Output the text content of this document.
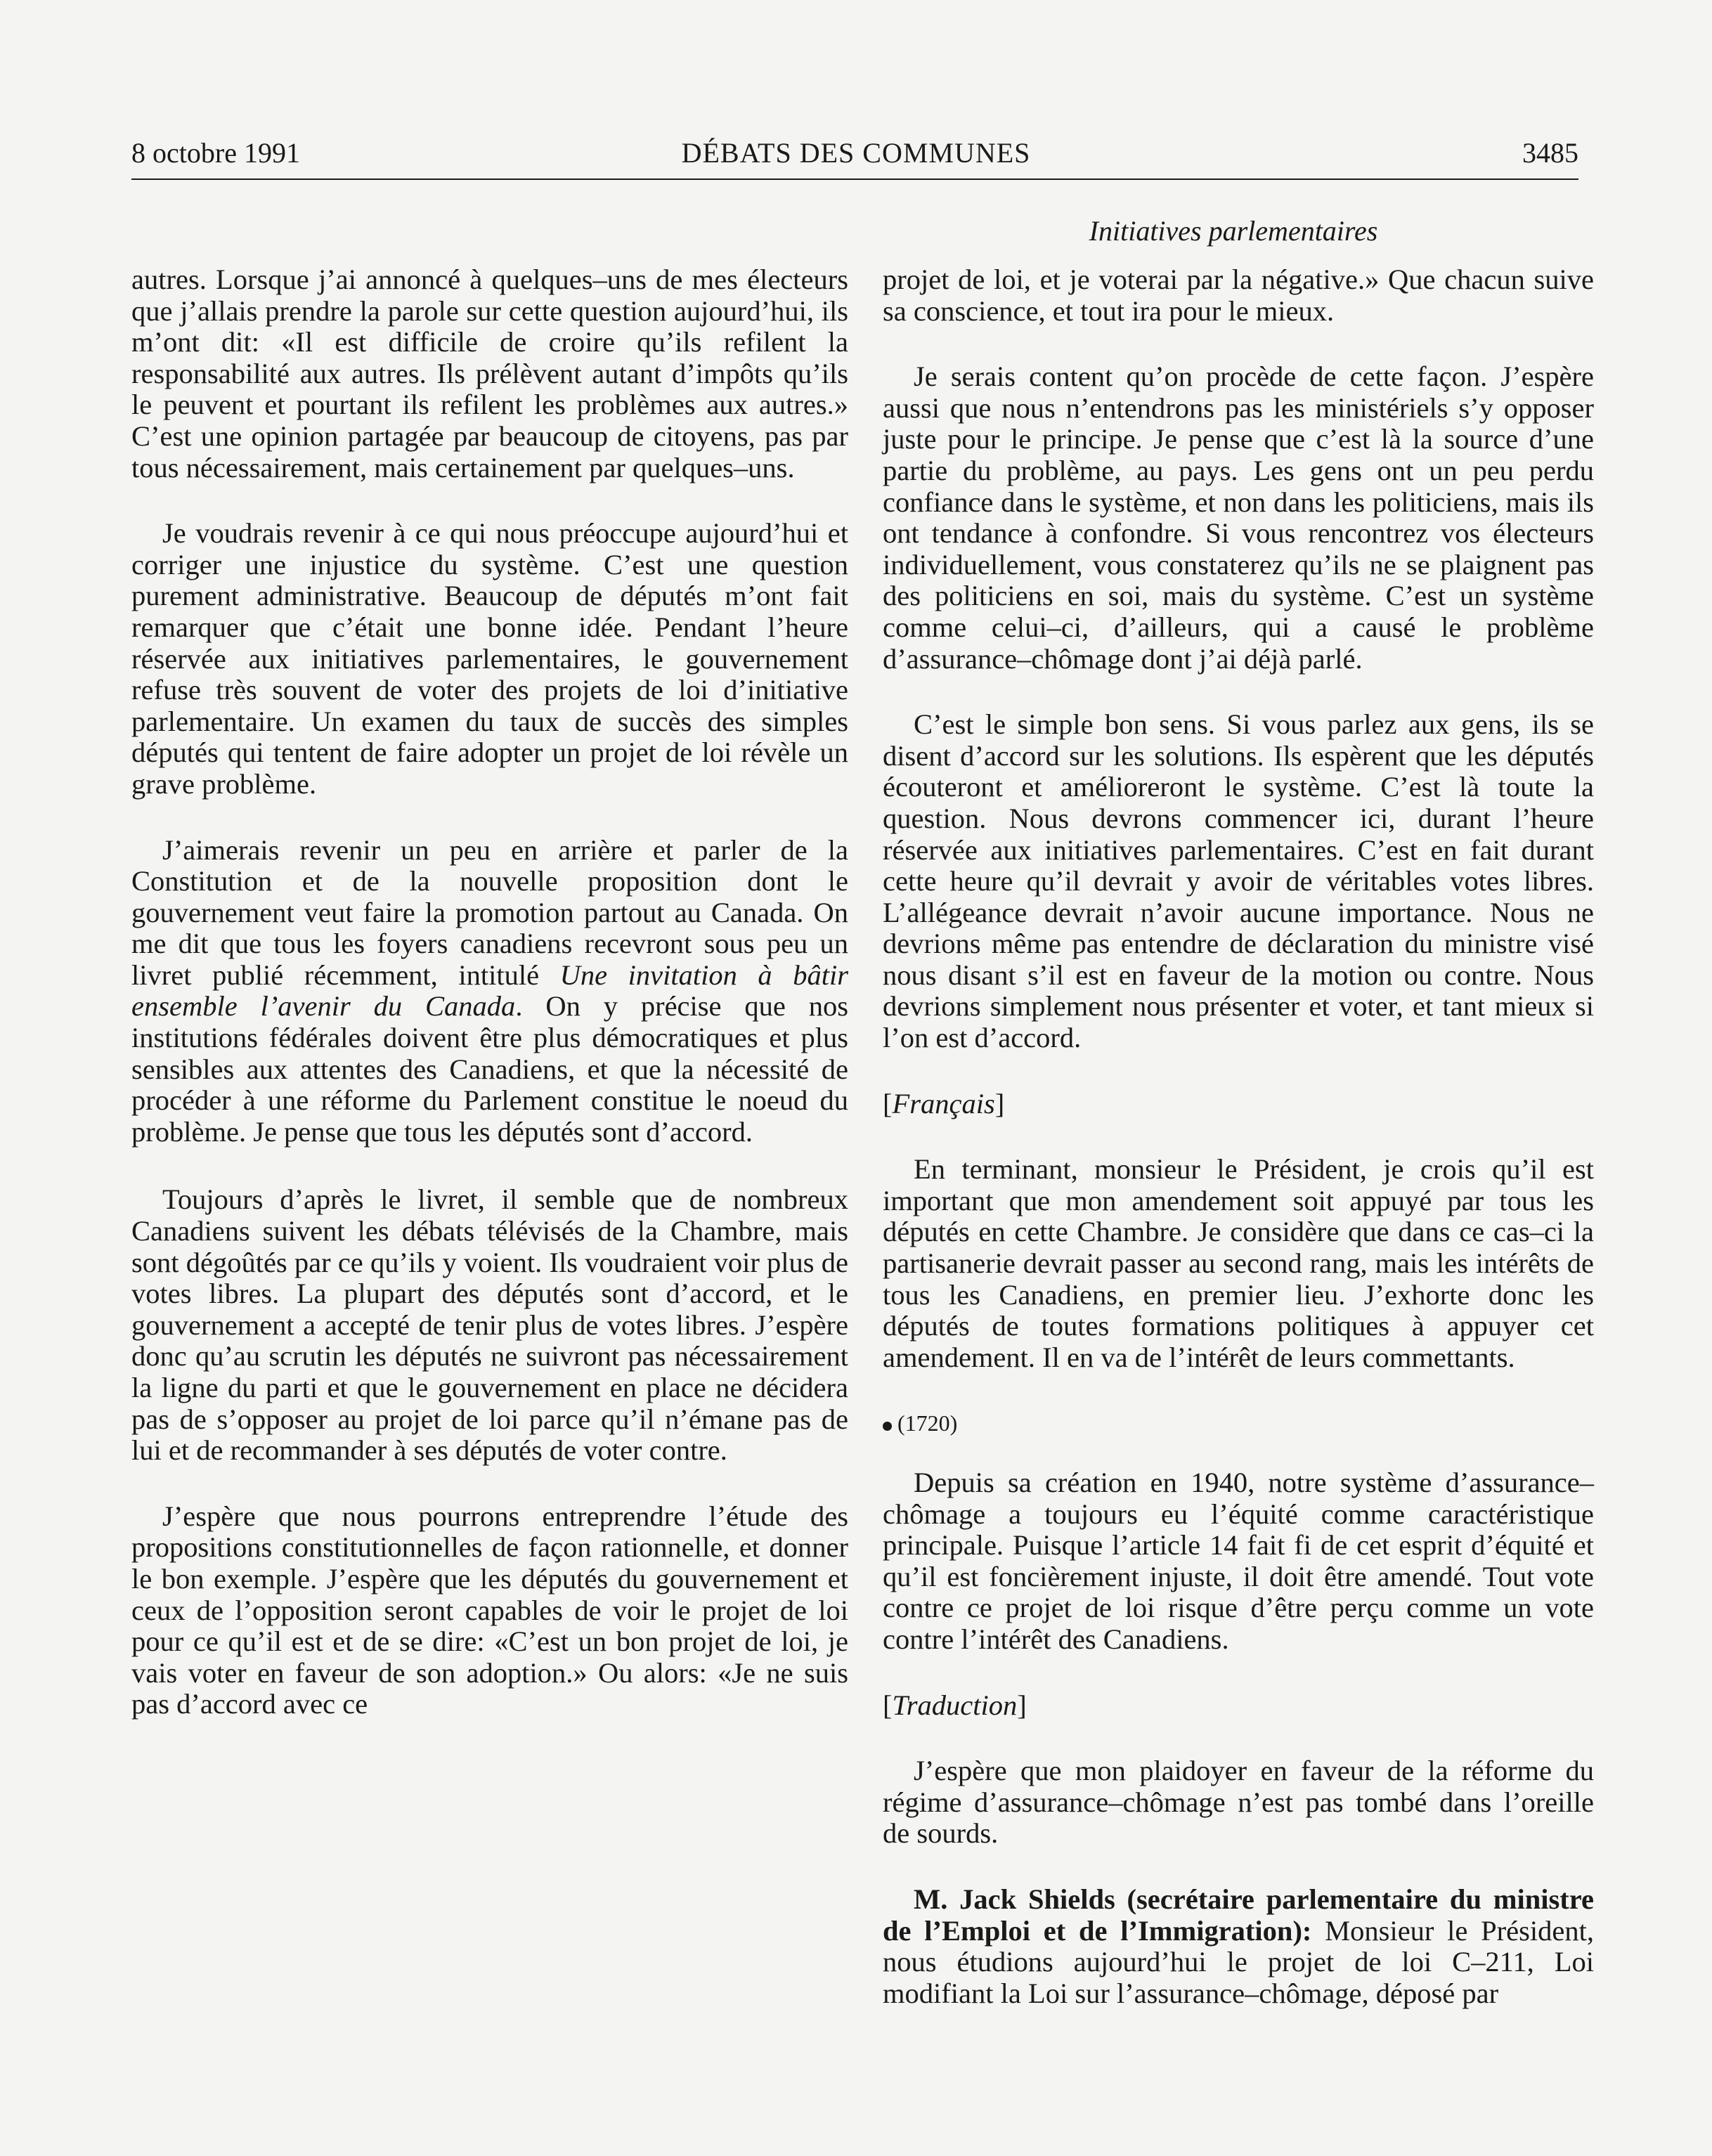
8 octobre 1991	DÉBATS DES COMMUNES	3485
Initiatives parlementaires

autres. Lorsque j’ai annoncé à quelques–uns de mes électeurs que j’allais prendre la parole sur cette question aujourd’hui, ils m’ont dit: «Il est difficile de croire qu’ils refilent la responsabilité aux autres. Ils prélèvent autant d’impôts qu’ils le peuvent et pourtant ils refilent les problèmes aux autres.» C’est une opinion partagée par beaucoup de citoyens, pas par tous nécessairement, mais certainement par quelques–uns.

Je voudrais revenir à ce qui nous préoccupe aujourd’hui et corriger une injustice du système. C’est une question purement administrative. Beaucoup de députés m’ont fait remarquer que c’était une bonne idée. Pendant l’heure réservée aux initiatives parlementaires, le gouvernement refuse très souvent de voter des projets de loi d’initiative parlementaire. Un examen du taux de succès des simples députés qui tentent de faire adopter un projet de loi révèle un grave problème.

J’aimerais revenir un peu en arrière et parler de la Constitution et de la nouvelle proposition dont le gouvernement veut faire la promotion partout au Canada. On me dit que tous les foyers canadiens recevront sous peu un livret publié récemment, intitulé Une invitation à bâtir ensemble l’avenir du Canada. On y précise que nos institutions fédérales doivent être plus démocratiques et plus sensibles aux attentes des Canadiens, et que la nécessité de procéder à une réforme du Parlement constitue le noeud du problème. Je pense que tous les députés sont d’accord.

Toujours d’après le livret, il semble que de nombreux Canadiens suivent les débats télévisés de la Chambre, mais sont dégoûtés par ce qu’ils y voient. Ils voudraient voir plus de votes libres. La plupart des députés sont d’accord, et le gouvernement a accepté de tenir plus de votes libres. J’espère donc qu’au scrutin les députés ne suivront pas nécessairement la ligne du parti et que le gouvernement en place ne décidera pas de s’opposer au projet de loi parce qu’il n’émane pas de lui et de recommander à ses députés de voter contre.

J’espère que nous pourrons entreprendre l’étude des propositions constitutionnelles de façon rationnelle, et donner le bon exemple. J’espère que les députés du gouvernement et ceux de l’opposition seront capables de voir le projet de loi pour ce qu’il est et de se dire: «C’est un bon projet de loi, je vais voter en faveur de son adoption.» Ou alors: «Je ne suis pas d’accord avec ce

projet de loi, et je voterai par la négative.» Que chacun suive sa conscience, et tout ira pour le mieux.

Je serais content qu’on procède de cette façon. J’espère aussi que nous n’entendrons pas les ministériels s’y opposer juste pour le principe. Je pense que c’est là la source d’une partie du problème, au pays. Les gens ont un peu perdu confiance dans le système, et non dans les politiciens, mais ils ont tendance à confondre. Si vous rencontrez vos électeurs individuellement, vous constaterez qu’ils ne se plaignent pas des politiciens en soi, mais du système. C’est un système comme celui–ci, d’ailleurs, qui a causé le problème d’assurance–chômage dont j’ai déjà parlé.

C’est le simple bon sens. Si vous parlez aux gens, ils se disent d’accord sur les solutions. Ils espèrent que les députés écouteront et amélioreront le système. C’est là toute la question. Nous devrons commencer ici, durant l’heure réservée aux initiatives parlementaires. C’est en fait durant cette heure qu’il devrait y avoir de véritables votes libres. L’allégeance devrait n’avoir aucune importance. Nous ne devrions même pas entendre de déclaration du ministre visé nous disant s’il est en faveur de la motion ou contre. Nous devrions simplement nous présenter et voter, et tant mieux si l’on est d’accord.

[Français]

En terminant, monsieur le Président, je crois qu’il est important que mon amendement soit appuyé par tous les députés en cette Chambre. Je considère que dans ce cas–ci la partisanerie devrait passer au second rang, mais les intérêts de tous les Canadiens, en premier lieu. J’exhorte donc les députés de toutes formations politiques à appuyer cet amendement. Il en va de l’intérêt de leurs commettants.

(1720)

Depuis sa création en 1940, notre système d’assurance–chômage a toujours eu l’équité comme caractéristique principale. Puisque l’article 14 fait fi de cet esprit d’équité et qu’il est foncièrement injuste, il doit être amendé. Tout vote contre ce projet de loi risque d’être perçu comme un vote contre l’intérêt des Canadiens.

[Traduction]

J’espère que mon plaidoyer en faveur de la réforme du régime d’assurance–chômage n’est pas tombé dans l’oreille de sourds.

M. Jack Shields (secrétaire parlementaire du ministre de l’Emploi et de l’Immigration): Monsieur le Président, nous étudions aujourd’hui le projet de loi C–211, Loi modifiant la Loi sur l’assurance–chômage, déposé par
